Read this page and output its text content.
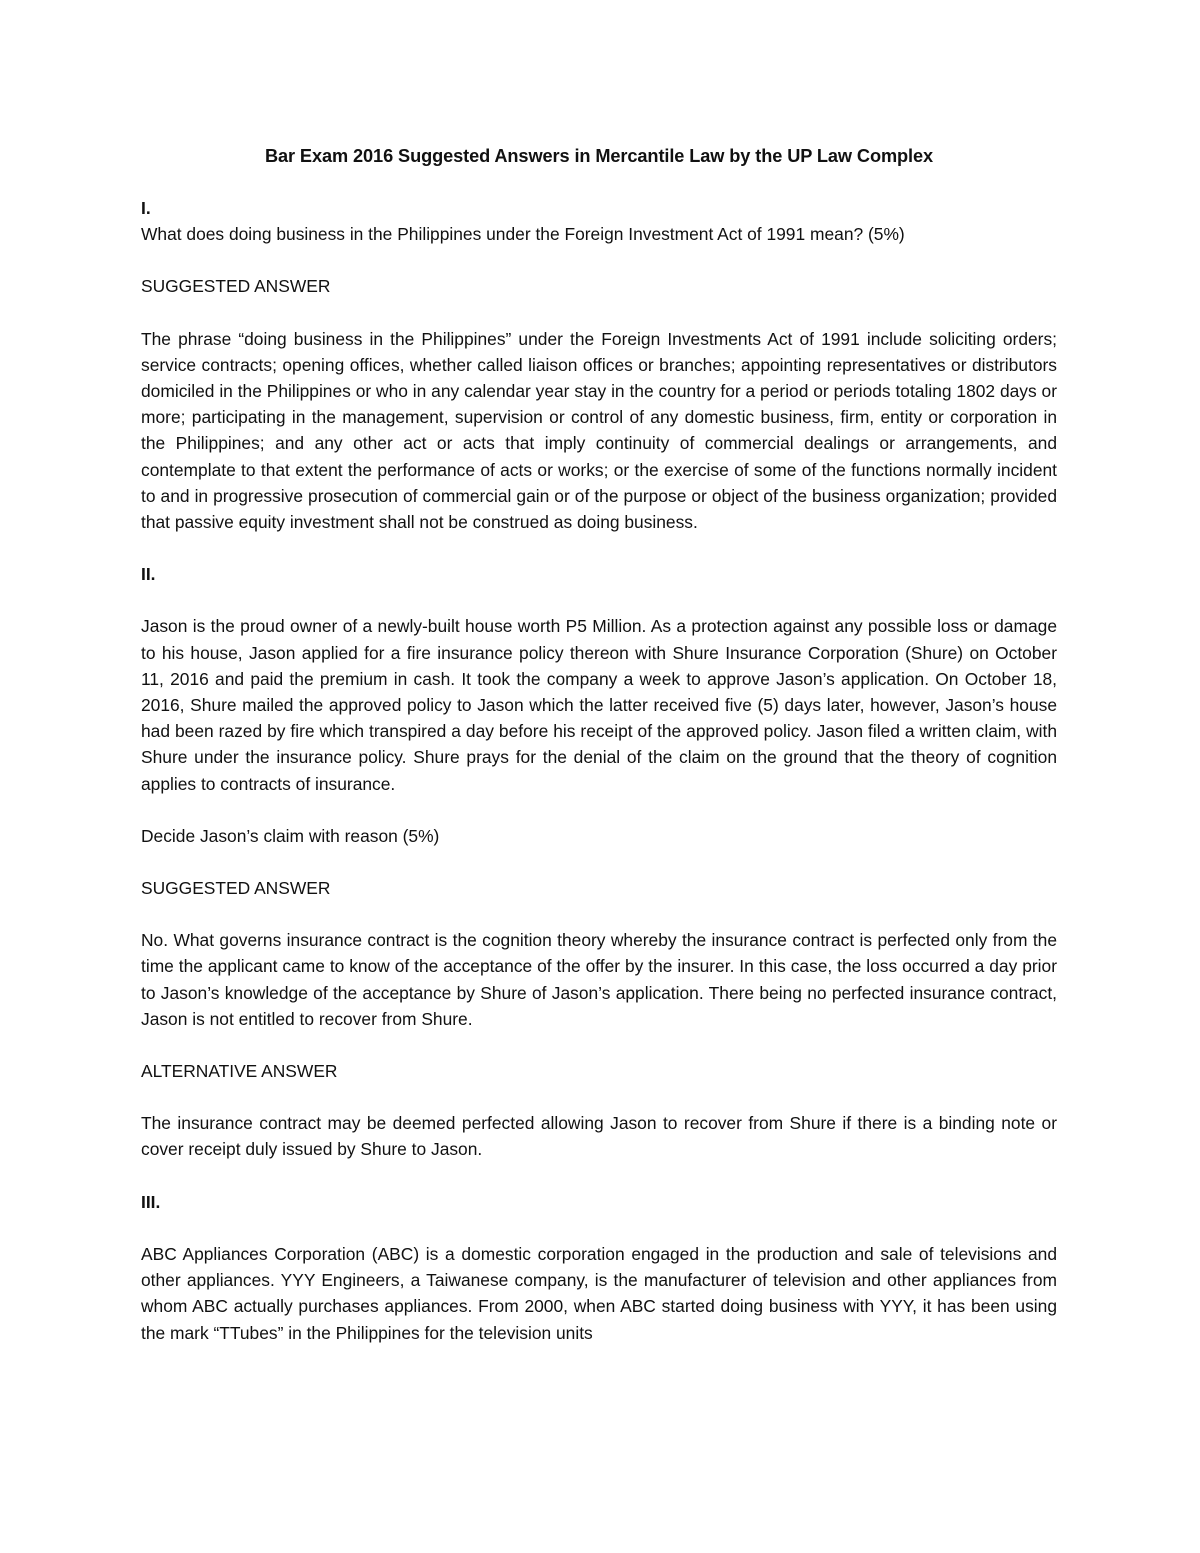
Bar Exam 2016 Suggested Answers in Mercantile Law by the UP Law Complex

I.

What does doing business in the Philippines under the Foreign Investment Act of 1991 mean? (5%)

SUGGESTED ANSWER

The phrase “doing business in the Philippines” under the Foreign Investments Act of 1991 include soliciting orders; service contracts; opening offices, whether called liaison offices or branches; appointing representatives or distributors domiciled in the Philippines or who in any calendar year stay in the country for a period or periods totaling 1802 days or more; participating in the management, supervision or control of any domestic business, firm, entity or corporation in the Philippines; and any other act or acts that imply continuity of commercial dealings or arrangements, and contemplate to that extent the performance of acts or works; or the exercise of some of the functions normally incident to and in progressive prosecution of commercial gain or of the purpose or object of the business organization; provided that passive equity investment shall not be construed as doing business.

II.

Jason is the proud owner of a newly-built house worth P5 Million. As a protection against any possible loss or damage to his house, Jason applied for a fire insurance policy thereon with Shure Insurance Corporation (Shure) on October 11, 2016 and paid the premium in cash. It took the company a week to approve Jason’s application. On October 18, 2016, Shure mailed the approved policy to Jason which the latter received five (5) days later, however, Jason’s house had been razed by fire which transpired a day before his receipt of the approved policy. Jason filed a written claim, with Shure under the insurance policy. Shure prays for the denial of the claim on the ground that the theory of cognition applies to contracts of insurance.

Decide Jason’s claim with reason (5%)

SUGGESTED ANSWER

No. What governs insurance contract is the cognition theory whereby the insurance contract is perfected only from the time the applicant came to know of the acceptance of the offer by the insurer. In this case, the loss occurred a day prior to Jason’s knowledge of the acceptance by Shure of Jason’s application. There being no perfected insurance contract, Jason is not entitled to recover from Shure.

ALTERNATIVE ANSWER

The insurance contract may be deemed perfected allowing Jason to recover from Shure if there is a binding note or cover receipt duly issued by Shure to Jason.

III.

ABC Appliances Corporation (ABC) is a domestic corporation engaged in the production and sale of televisions and other appliances. YYY Engineers, a Taiwanese company, is the manufacturer of television and other appliances from whom ABC actually purchases appliances. From 2000, when ABC started doing business with YYY, it has been using the mark “TTubes” in the Philippines for the television units
